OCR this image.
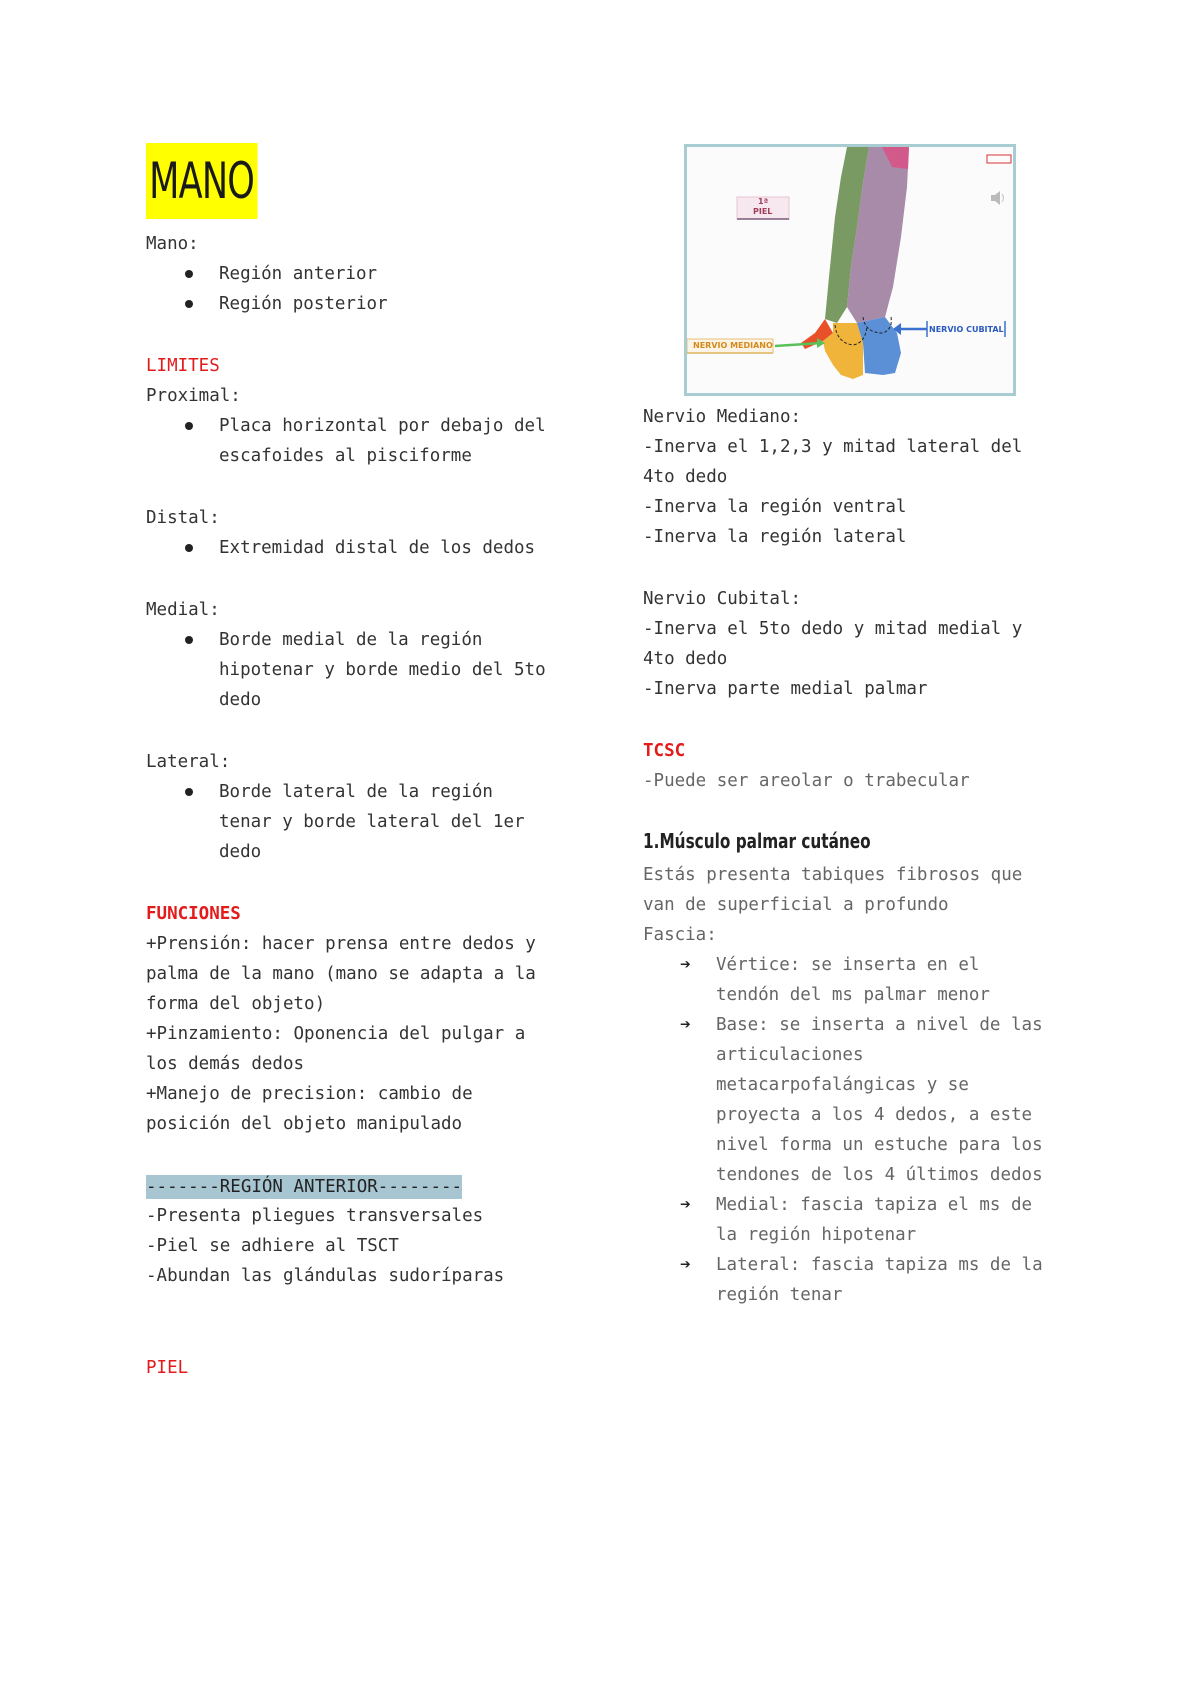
MANO
Mano:
Región anterior
Región posterior
LIMITES
Proximal:
Placa horizontal por debajo del
escafoides al pisciforme
Distal:
Extremidad distal de los dedos
Medial:
Borde medial de la región
hipotenar y borde medio del 5to
dedo
Lateral:
Borde lateral de la región
tenar y borde lateral del 1er
dedo
FUNCIONES
+Prensión: hacer prensa entre dedos y
palma de la mano (mano se adapta a la
forma del objeto)
+Pinzamiento: Oponencia del pulgar a
los demás dedos
+Manejo de precision: cambio de
posición del objeto manipulado
-------REGIÓN ANTERIOR--------
-Presenta pliegues transversales
-Piel se adhiere al TSCT
-Abundan las glándulas sudoríparas
PIEL
1ª
PIEL
NERVIO MEDIANO
NERVIO CUBITAL
Nervio Mediano:
-Inerva el 1,2,3 y mitad lateral del
4to dedo
-Inerva la región ventral
-Inerva la región lateral
Nervio Cubital:
-Inerva el 5to dedo y mitad medial y
4to dedo
-Inerva parte medial palmar
TCSC
-Puede ser areolar o trabecular
1.Músculo palmar cutáneo
Estás presenta tabiques fibrosos que
van de superficial a profundo
Fascia:
➔ Vértice: se inserta en el
tendón del ms palmar menor
➔ Base: se inserta a nivel de las
articulaciones
metacarpofalángicas y se
proyecta a los 4 dedos, a este
nivel forma un estuche para los
tendones de los 4 últimos dedos
➔ Medial: fascia tapiza el ms de
la región hipotenar
➔ Lateral: fascia tapiza ms de la
región tenar
